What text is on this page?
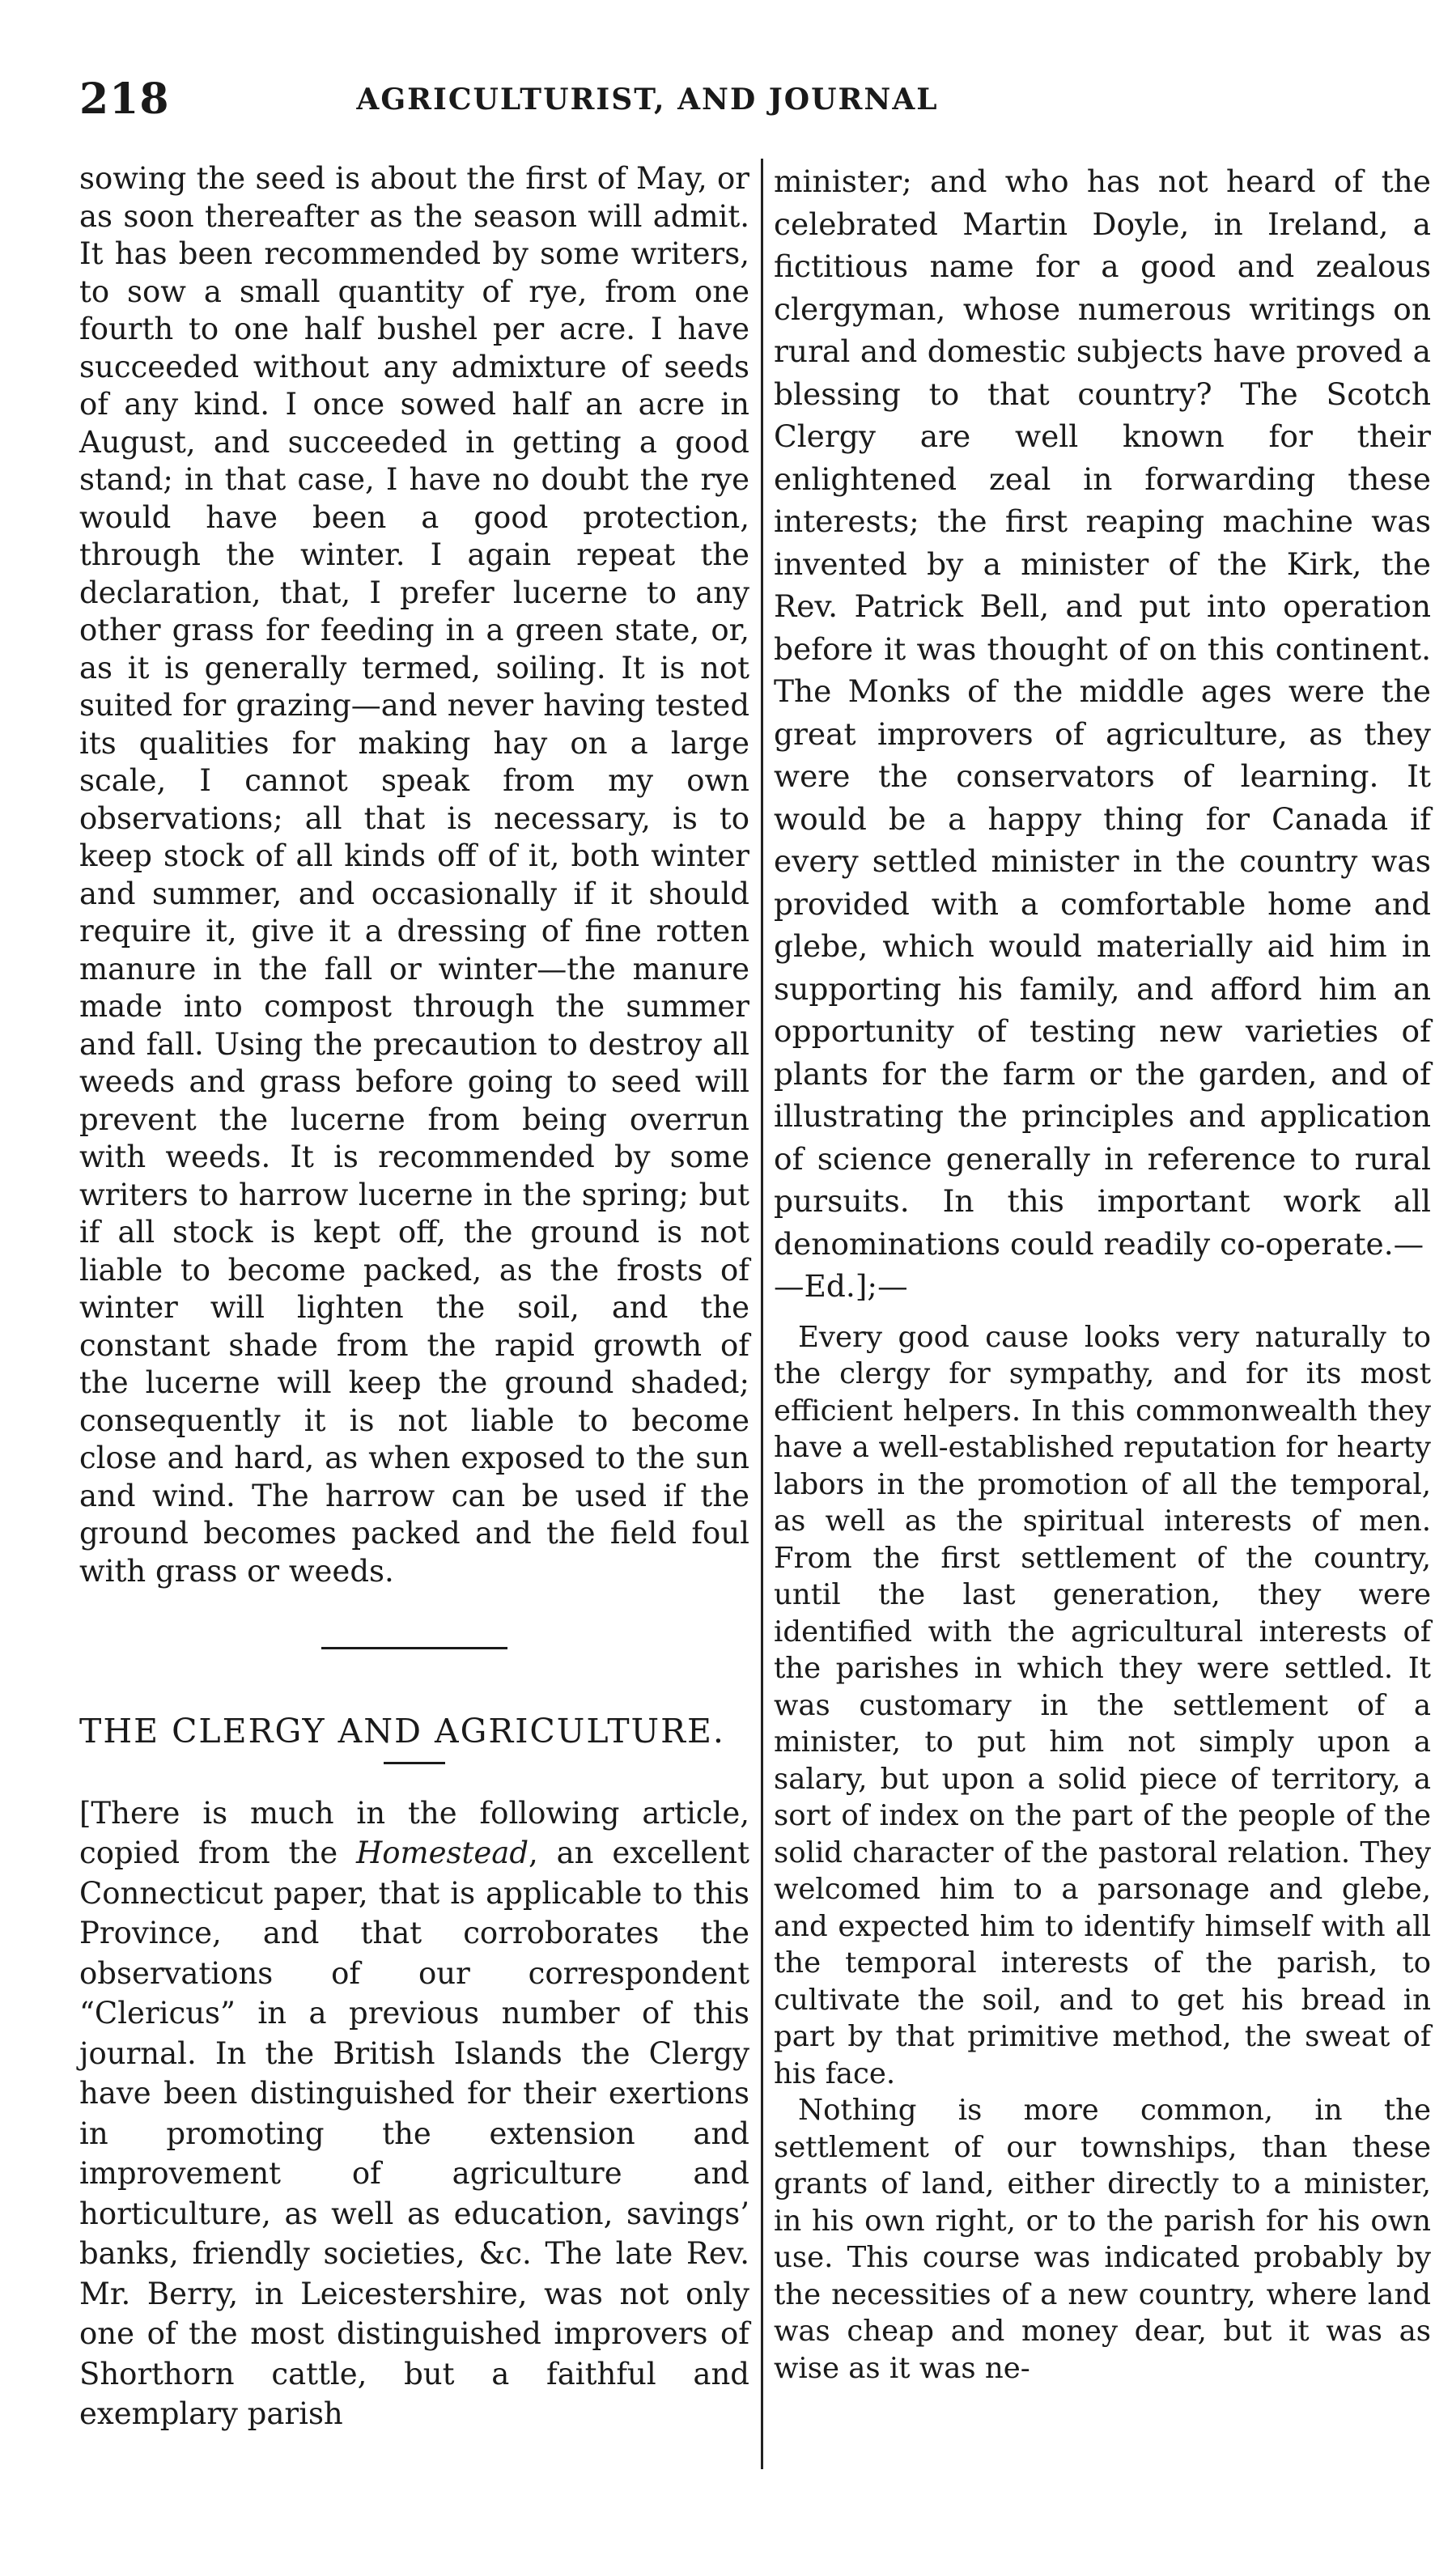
218	AGRICULTURIST, AND JOURNAL

sowing the seed is about the first of May, or as soon thereafter as the season will admit. It has been recommended by some writers, to sow a small quantity of rye, from one fourth to one half bushel per acre. I have succeeded without any admixture of seeds of any kind. I once sowed half an acre in August, and succeeded in getting a good stand; in that case, I have no doubt the rye would have been a good protection, through the winter. I again repeat the declaration, that, I prefer lucerne to any other grass for feeding in a green state, or, as it is generally termed, soiling. It is not suited for grazing—and never having tested its qualities for making hay on a large scale, I cannot speak from my own observations; all that is necessary, is to keep stock of all kinds off of it, both winter and summer, and occasionally if it should require it, give it a dressing of fine rotten manure in the fall or winter—the manure made into compost through the summer and fall. Using the precaution to destroy all weeds and grass before going to seed will prevent the lucerne from being overrun with weeds. It is recommended by some writers to harrow lucerne in the spring; but if all stock is kept off, the ground is not liable to become packed, as the frosts of winter will lighten the soil, and the constant shade from the rapid growth of the lucerne will keep the ground shaded; consequently it is not liable to become close and hard, as when exposed to the sun and wind. The harrow can be used if the ground becomes packed and the field foul with grass or weeds.

THE CLERGY AND AGRICULTURE.

[There is much in the following article, copied from the Homestead, an excellent Connecticut paper, that is applicable to this Province, and that corroborates the observations of our correspondent “Clericus” in a previous number of this journal. In the British Islands the Clergy have been distinguished for their exertions in promoting the extension and improvement of agriculture and horticulture, as well as education, savings’ banks, friendly societies, &c. The late Rev. Mr. Berry, in Leicestershire, was not only one of the most distinguished improvers of Shorthorn cattle, but a faithful and exemplary parish

minister; and who has not heard of the celebrated Martin Doyle, in Ireland, a fictitious name for a good and zealous clergyman, whose numerous writings on rural and domestic subjects have proved a blessing to that country? The Scotch Clergy are well known for their enlightened zeal in forwarding these interests; the first reaping machine was invented by a minister of the Kirk, the Rev. Patrick Bell, and put into operation before it was thought of on this continent. The Monks of the middle ages were the great improvers of agriculture, as they were the conservators of learning. It would be a happy thing for Canada if every settled minister in the country was provided with a comfortable home and glebe, which would materially aid him in supporting his family, and afford him an opportunity of testing new varieties of plants for the farm or the garden, and of illustrating the principles and application of science generally in reference to rural pursuits. In this important work all denominations could readily co-operate.—

—Ed.];—

Every good cause looks very naturally to the clergy for sympathy, and for its most efficient helpers. In this commonwealth they have a well-established reputation for hearty labors in the promotion of all the temporal, as well as the spiritual interests of men. From the first settlement of the country, until the last generation, they were identified with the agricultural interests of the parishes in which they were settled. It was customary in the settlement of a minister, to put him not simply upon a salary, but upon a solid piece of territory, a sort of index on the part of the people of the solid character of the pastoral relation. They welcomed him to a parsonage and glebe, and expected him to identify himself with all the temporal interests of the parish, to cultivate the soil, and to get his bread in part by that primitive method, the sweat of his face.

Nothing is more common, in the settlement of our townships, than these grants of land, either directly to a minister, in his own right, or to the parish for his own use. This course was indicated probably by the necessities of a new country, where land was cheap and money dear, but it was as wise as it was ne-
